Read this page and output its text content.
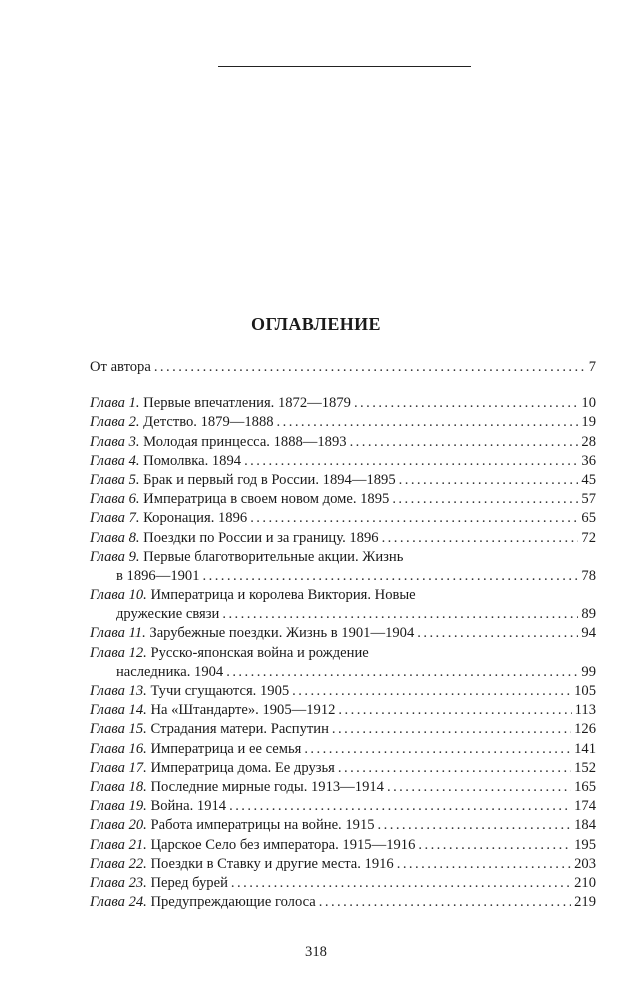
ОГЛАВЛЕНИЕ
От автора . . .	7
Глава 1. Первые впечатления. 1872—1879 . . .	10
Глава 2. Детство. 1879—1888 . . .	19
Глава 3. Молодая принцесса. 1888—1893 . . .	28
Глава 4. Помолвка. 1894 . . .	36
Глава 5. Брак и первый год в России. 1894—1895 . . .	45
Глава 6. Императрица в своем новом доме. 1895 . . .	57
Глава 7. Коронация. 1896 . . .	65
Глава 8. Поездки по России и за границу. 1896 . . .	72
Глава 9. Первые благотворительные акции. Жизнь
в 1896—1901 . . .	78
Глава 10. Императрица и королева Виктория. Новые
дружеские связи . . .	89
Глава 11. Зарубежные поездки. Жизнь в 1901—1904 . . .	94
Глава 12. Русско-японская война и рождение
наследника. 1904 . . .	99
Глава 13. Тучи сгущаются. 1905 . . .	105
Глава 14. На «Штандарте». 1905—1912 . . .	113
Глава 15. Страдания матери. Распутин . . .	126
Глава 16. Императрица и ее семья . . .	141
Глава 17. Императрица дома. Ее друзья . . .	152
Глава 18. Последние мирные годы. 1913—1914 . . .	165
Глава 19. Война. 1914 . . .	174
Глава 20. Работа императрицы на войне. 1915 . . .	184
Глава 21. Царское Село без императора. 1915—1916 . . .	195
Глава 22. Поездки в Ставку и другие места. 1916 . . .	203
Глава 23. Перед бурей . . .	210
Глава 24. Предупреждающие голоса . . .	219
318
